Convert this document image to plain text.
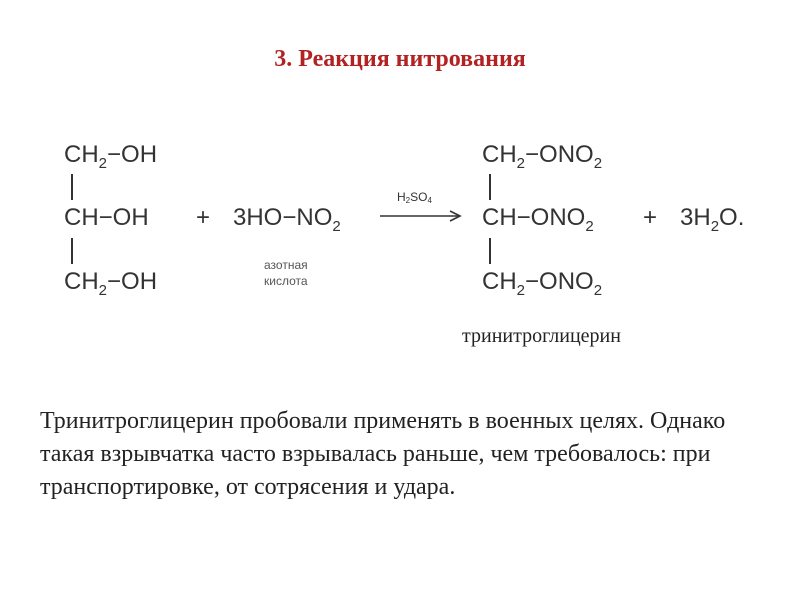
3. Реакция нитрования
$CH_2-OH$
CH−OH
$CH_2-OH$
+ $3HO-NO_2$
азотная
кислота
$H_2SO_4$
$CH_2-ONO_2$
$CH-ONO_2$
$CH_2-ONO_2$
+ $3H_2O$.
тринитроглицерин
Тринитроглицерин пробовали применять в военных целях. Однако такая взрывчатка часто взрывалась раньше, чем требовалось: при транспортировке, от сотрясения и удара.
